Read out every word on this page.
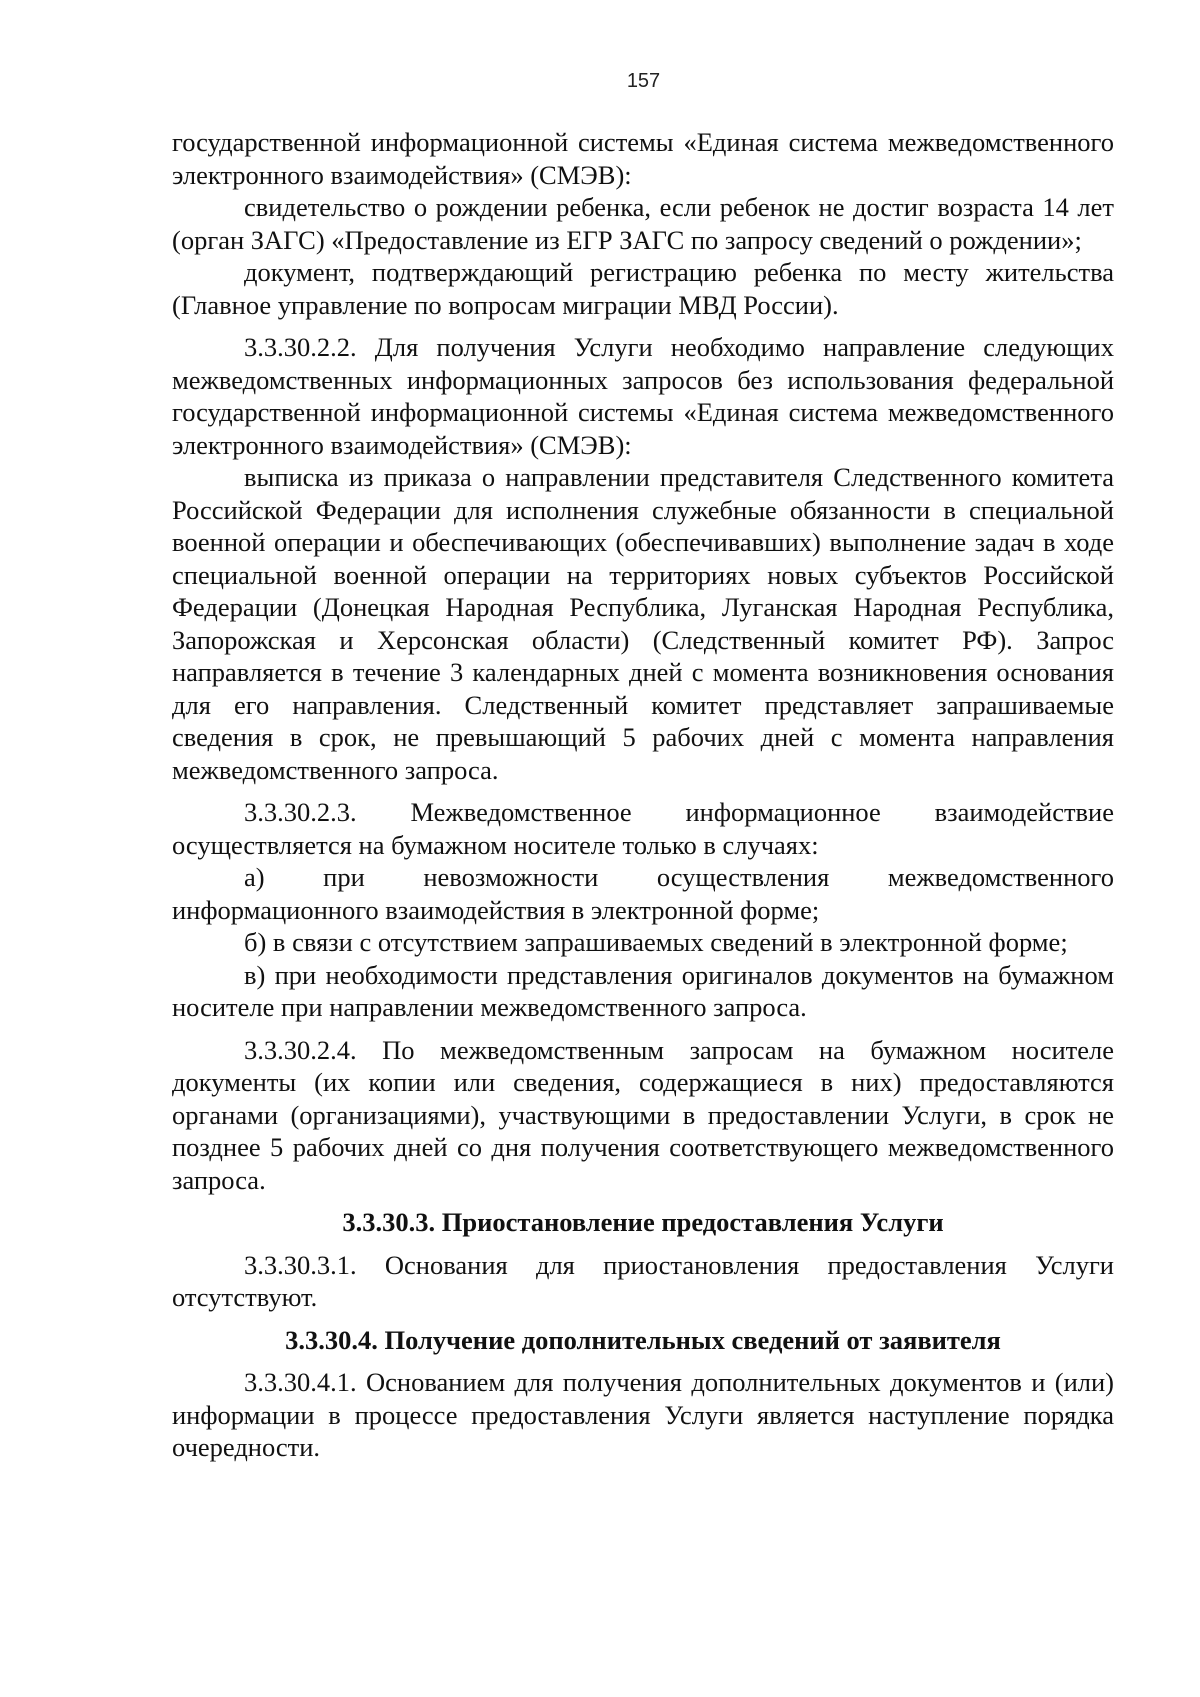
157

государственной информационной системы «Единая система межведомственного электронного взаимодействия» (СМЭВ):

свидетельство о рождении ребенка, если ребенок не достиг возраста 14 лет (орган ЗАГС) «Предоставление из ЕГР ЗАГС по запросу сведений о рождении»;

документ, подтверждающий регистрацию ребенка по месту жительства (Главное управление по вопросам миграции МВД России).

3.3.30.2.2. Для получения Услуги необходимо направление следующих межведомственных информационных запросов без использования федеральной государственной информационной системы «Единая система межведомственного электронного взаимодействия» (СМЭВ):

выписка из приказа о направлении представителя Следственного комитета Российской Федерации для исполнения служебные обязанности в специальной военной операции и обеспечивающих (обеспечивавших) выполнение задач в ходе специальной военной операции на территориях новых субъектов Российской Федерации (Донецкая Народная Республика, Луганская Народная Республика, Запорожская и Херсонская области) (Следственный комитет РФ). Запрос направляется в течение 3 календарных дней с момента возникновения основания для его направления. Следственный комитет представляет запрашиваемые сведения в срок, не превышающий 5 рабочих дней с момента направления межведомственного запроса.

3.3.30.2.3. Межведомственное информационное взаимодействие осуществляется на бумажном носителе только в случаях:

а) при невозможности осуществления межведомственного информационного взаимодействия в электронной форме;

б) в связи с отсутствием запрашиваемых сведений в электронной форме;

в) при необходимости представления оригиналов документов на бумажном носителе при направлении межведомственного запроса.

3.3.30.2.4. По межведомственным запросам на бумажном носителе документы (их копии или сведения, содержащиеся в них) предоставляются органами (организациями), участвующими в предоставлении Услуги, в срок не позднее 5 рабочих дней со дня получения соответствующего межведомственного запроса.

3.3.30.3. Приостановление предоставления Услуги

3.3.30.3.1. Основания для приостановления предоставления Услуги отсутствуют.

3.3.30.4. Получение дополнительных сведений от заявителя

3.3.30.4.1. Основанием для получения дополнительных документов и (или) информации в процессе предоставления Услуги является наступление порядка очередности.
